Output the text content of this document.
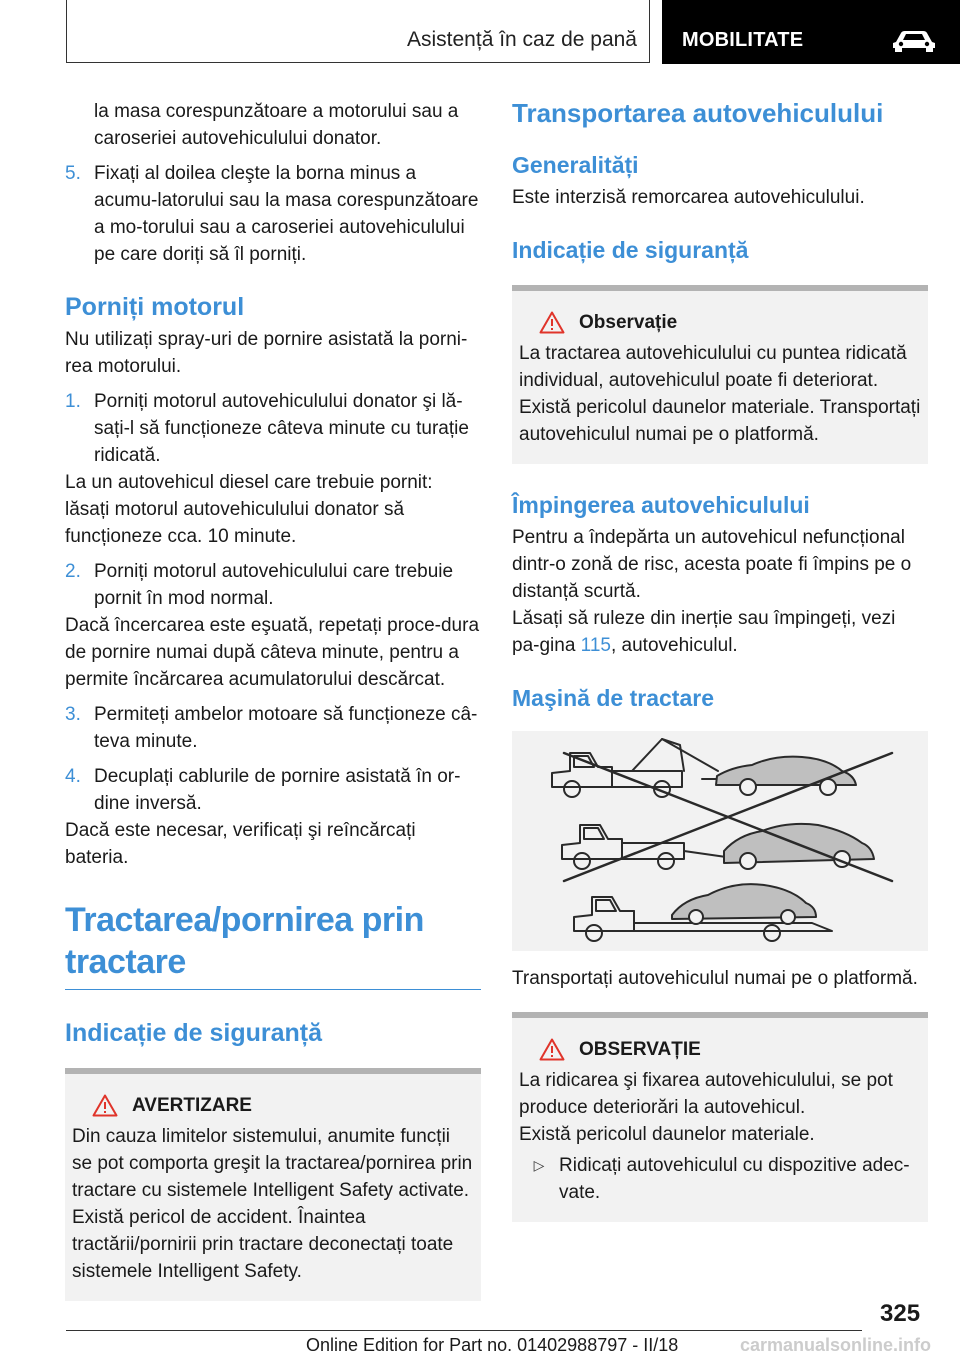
Asistență în caz de pană MOBILITATE

la masa corespunzătoare a motorului sau a caroseriei autovehiculului donator.

5. Fixați al doilea cleşte la borna minus a acumu‐latorului sau la masa corespunzătoare a mo‐torului sau a caroseriei autovehiculului pe care doriți să îl porniți.

Porniți motorul

Nu utilizați spray-uri de pornire asistată la porni‐rea motorului.

1. Porniți motorul autovehiculului donator şi lă‐sați-l să funcționeze câteva minute cu turație ridicată.

La un autovehicul diesel care trebuie pornit: lăsați motorul autovehiculului donator să funcționeze cca. 10 minute.

2. Porniți motorul autovehiculului care trebuie pornit în mod normal.

Dacă încercarea este eşuată, repetați proce‐dura de pornire numai după câteva minute, pentru a permite încărcarea acumulatorului descărcat.

3. Permiteți ambelor motoare să funcționeze câ‐teva minute.

4. Decuplați cablurile de pornire asistată în or‐dine inversă.

Dacă este necesar, verificați şi reîncărcați bateria.

Tractarea/pornirea prin tractare
Indicație de siguranță
AVERTIZARE

Din cauza limitelor sistemului, anumite funcții se pot comporta greşit la tractarea/pornirea prin tractare cu sistemele Intelligent Safety activate. Există pericol de accident. Înaintea tractării/pornirii prin tractare deconectați toate sistemele Intelligent Safety.

Transportarea autovehiculului
Generalități

Este interzisă remorcarea autovehiculului.

Indicație de siguranță
Observație

La tractarea autovehiculului cu puntea ridicată individual, autovehiculul poate fi deteriorat. Există pericolul daunelor materiale. Transportați autovehiculul numai pe o platformă.

Împingerea autovehiculului

Pentru a îndepărta un autovehicul nefuncțional dintr-o zonă de risc, acesta poate fi împins pe o distanță scurtă.

Lăsați să ruleze din inerție sau împingeți, vezi pa‐gina 115, autovehiculul.

Maşină de tractare

Transportați autovehiculul numai pe o platformă.

OBSERVAȚIE

La ridicarea şi fixarea autovehiculului, se pot produce deteriorări la autovehicul.

Există pericolul daunelor materiale.

▷ Ridicați autovehiculul cu dispozitive adec‐vate.

325
Online Edition for Part no. 01402988797 - II/18	carmanualsonline.info
